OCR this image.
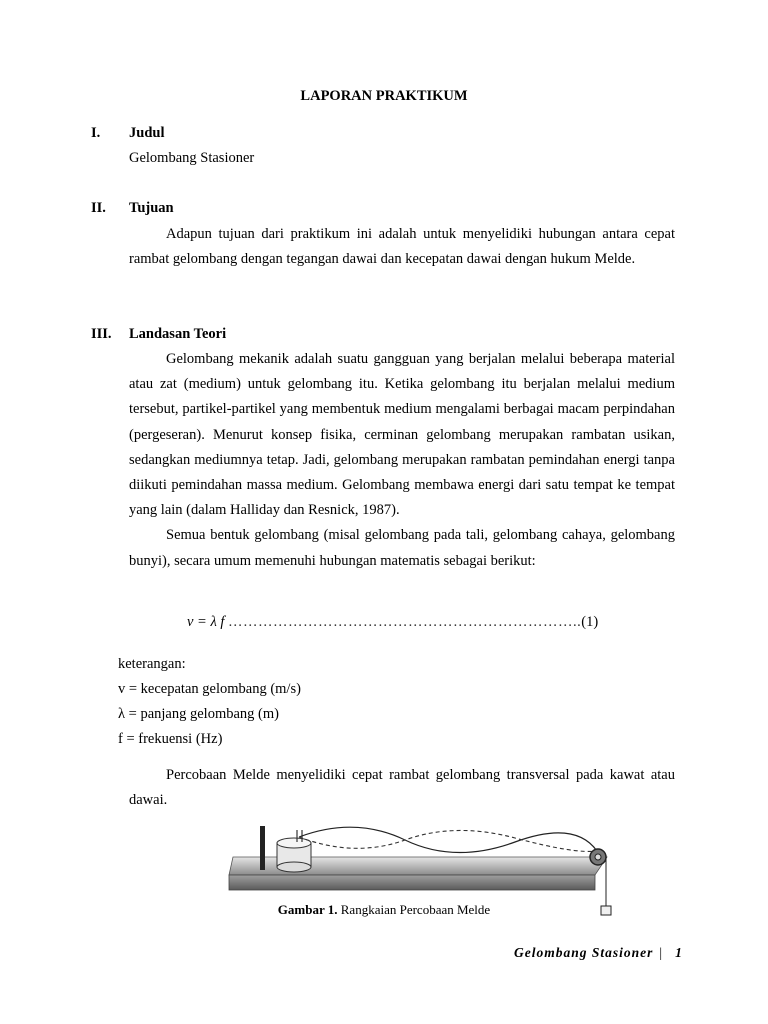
LAPORAN PRAKTIKUM
I. Judul
Gelombang Stasioner
II. Tujuan

Adapun tujuan dari praktikum ini adalah untuk menyelidiki hubungan antara cepat rambat gelombang dengan tegangan dawai dan kecepatan dawai dengan hukum Melde.

III. Landasan Teori

Gelombang mekanik adalah suatu gangguan yang berjalan melalui beberapa material atau zat (medium) untuk gelombang itu. Ketika gelombang itu berjalan melalui medium tersebut, partikel-partikel yang membentuk medium mengalami berbagai macam perpindahan (pergeseran). Menurut konsep fisika, cerminan gelombang merupakan rambatan usikan, sedangkan mediumnya tetap. Jadi, gelombang merupakan rambatan pemindahan energi tanpa diikuti pemindahan massa medium. Gelombang membawa energi dari satu tempat ke tempat yang lain (dalam Halliday dan Resnick, 1987).

Semua bentuk gelombang (misal gelombang pada tali, gelombang cahaya, gelombang bunyi), secara umum memenuhi hubungan matematis sebagai berikut:

v = λ f ……………………………………………………………..(1)
keterangan:
v = kecepatan gelombang (m/s)
λ = panjang gelombang (m)
f = frekuensi (Hz)

Percobaan Melde menyelidiki cepat rambat gelombang transversal pada kawat atau dawai.

Gambar 1. Rangkaian Percobaan Melde
Gelombang Stasioner | 1
